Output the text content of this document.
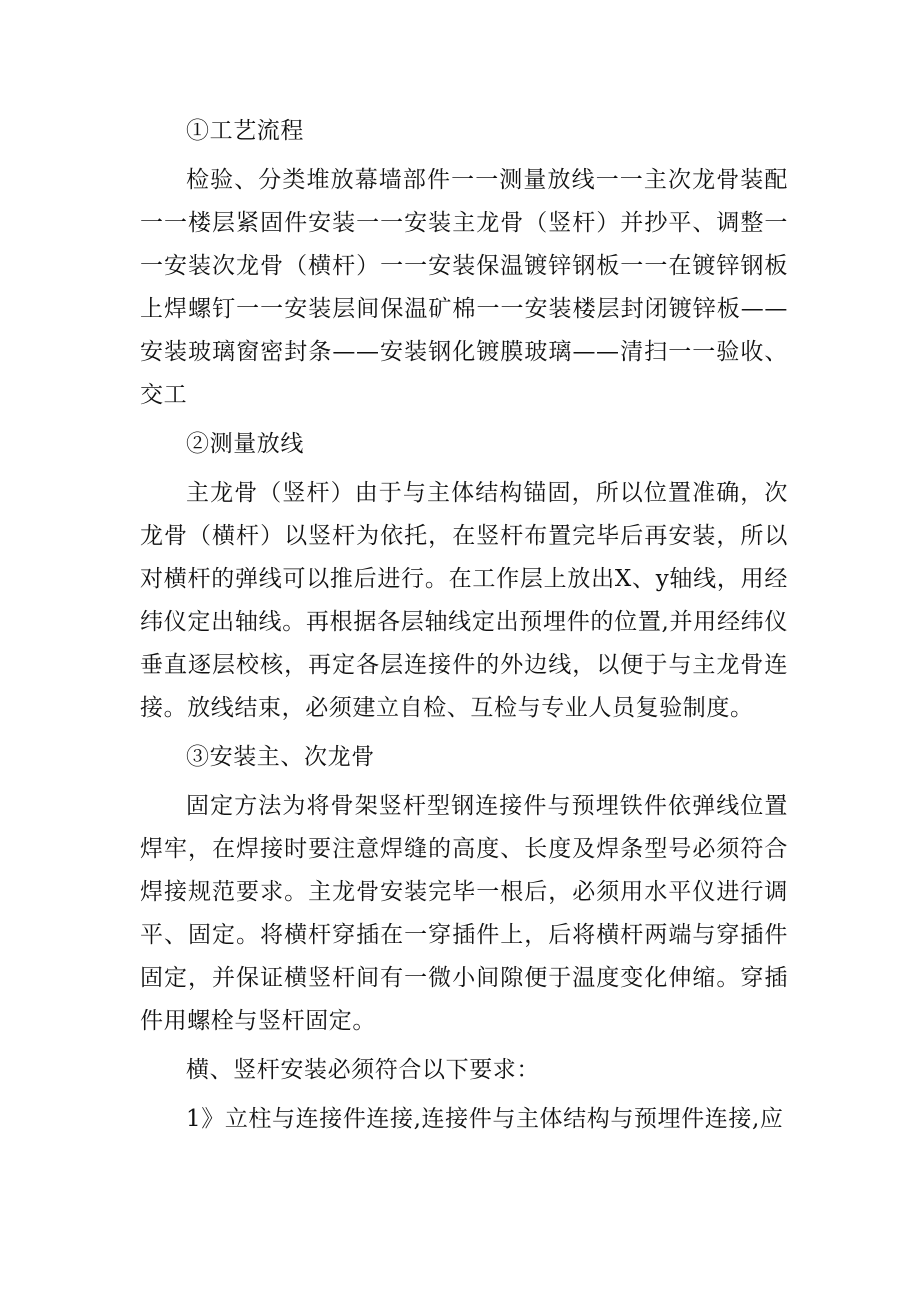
①工艺流程

检验、分类堆放幕墙部件一一测量放线一一主次龙骨装配一一楼层紧固件安装一一安装主龙骨（竖杆）并抄平、调整一一安装次龙骨（横杆）一一安装保温镀锌钢板一一在镀锌钢板上焊螺钉一一安装层间保温矿棉一一安装楼层封闭镀锌板——安装玻璃窗密封条——安装钢化镀膜玻璃——清扫一一验收、交工

②测量放线

主龙骨（竖杆）由于与主体结构锚固，所以位置准确，次龙骨（横杆）以竖杆为依托，在竖杆布置完毕后再安装，所以对横杆的弹线可以推后进行。在工作层上放出X、y轴线，用经纬仪定出轴线。再根据各层轴线定出预埋件的位置,并用经纬仪垂直逐层校核，再定各层连接件的外边线，以便于与主龙骨连接。放线结束，必须建立自检、互检与专业人员复验制度。

③安装主、次龙骨

固定方法为将骨架竖杆型钢连接件与预埋铁件依弹线位置焊牢，在焊接时要注意焊缝的高度、长度及焊条型号必须符合焊接规范要求。主龙骨安装完毕一根后，必须用水平仪进行调平、固定。将横杆穿插在一穿插件上，后将横杆两端与穿插件固定，并保证横竖杆间有一微小间隙便于温度变化伸缩。穿插件用螺栓与竖杆固定。

横、竖杆安装必须符合以下要求：

1》立柱与连接件连接,连接件与主体结构与预埋件连接,应
